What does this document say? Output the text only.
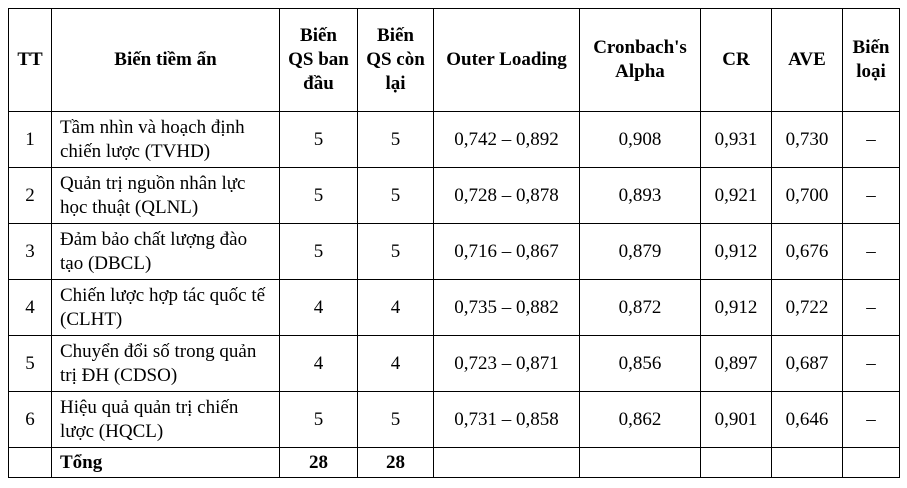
TT	Biến tiềm ẩn	Biến QS ban đầu	Biến QS còn lại	Outer Loading	Cronbach's Alpha	CR	AVE	Biến loại
1	Tầm nhìn và hoạch định chiến lược (TVHD)	5	5	0,742 – 0,892	0,908	0,931	0,730	–
2	Quản trị nguồn nhân lực học thuật (QLNL)	5	5	0,728 – 0,878	0,893	0,921	0,700	–
3	Đảm bảo chất lượng đào tạo (DBCL)	5	5	0,716 – 0,867	0,879	0,912	0,676	–
4	Chiến lược hợp tác quốc tế (CLHT)	4	4	0,735 – 0,882	0,872	0,912	0,722	–
5	Chuyển đổi số trong quản trị ĐH (CDSO)	4	4	0,723 – 0,871	0,856	0,897	0,687	–
6	Hiệu quả quản trị chiến lược (HQCL)	5	5	0,731 – 0,858	0,862	0,901	0,646	–
	Tổng	28	28					
